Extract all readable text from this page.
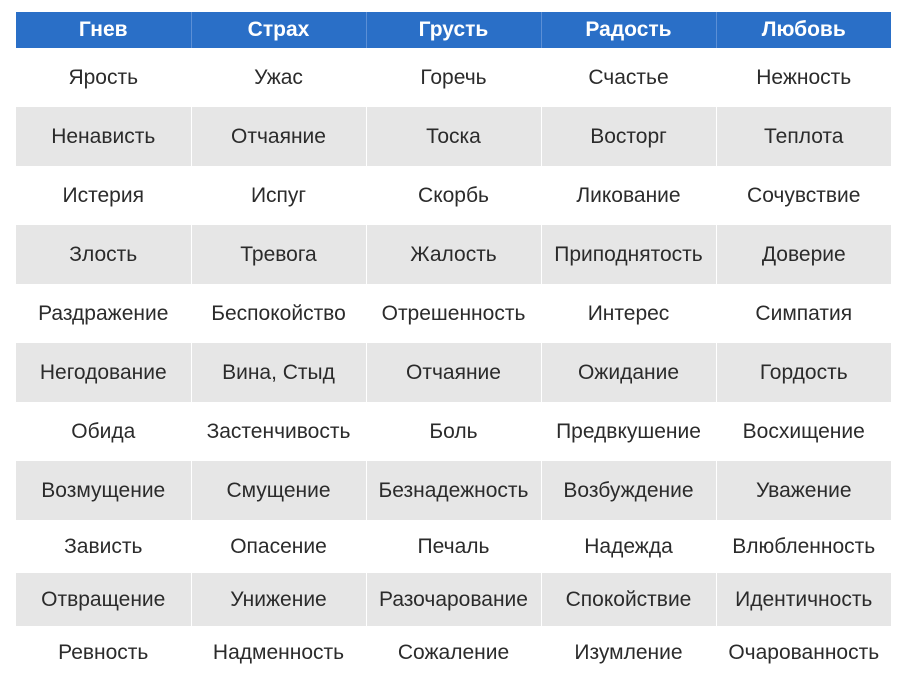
Гнев	Страх	Грусть	Радость	Любовь
Ярость	Ужас	Горечь	Счастье	Нежность
Ненависть	Отчаяние	Тоска	Восторг	Теплота
Истерия	Испуг	Скорбь	Ликование	Сочувствие
Злость	Тревога	Жалость	Приподнятость	Доверие
Раздражение	Беспокойство	Отрешенность	Интерес	Симпатия
Негодование	Вина, Стыд	Отчаяние	Ожидание	Гордость
Обида	Застенчивость	Боль	Предвкушение	Восхищение
Возмущение	Смущение	Безнадежность	Возбуждение	Уважение
Зависть	Опасение	Печаль	Надежда	Влюбленность
Отвращение	Унижение	Разочарование	Спокойствие	Идентичность
Ревность	Надменность	Сожаление	Изумление	Очарованность
